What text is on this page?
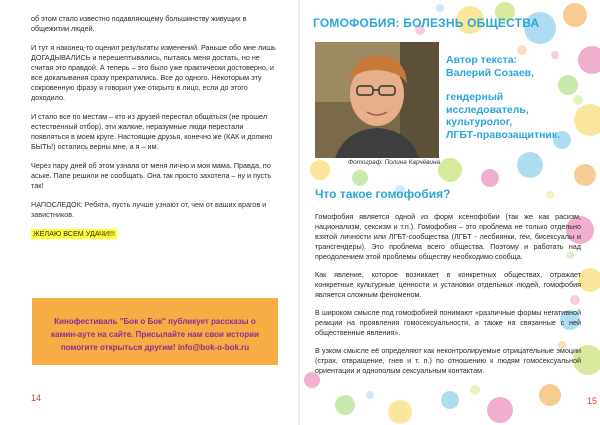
об этом стало известно подавляющему большинству живущих в общежитии людей.

И тут я наконец-то оценил результаты изменений. Раньше обо мне лишь ДОГАДЫВАЛИСЬ и перешептывались, пытаясь меня достать, но не считая это правдой. А теперь – это было уже практически достоверно, и все докапывания сразу прекратились. Все до одного. Некоторым эту сокровенную фразу я говорил уже открыто в лицо, если до этого доходило.

И стало все по местам – кто из друзей перестал общаться (не прошел естественный отбор), эти жалкие, неразумные люди перестали появляться в моем круге. Настоящие друзья, конечно же (КАК и должно БЫТЬ!) остались верны мне, а я – им.

Через пару дней об этом узнала от меня лично и моя мама. Правда, по аське. Папе решили не сообщать. Она так просто захотела – ну и пусть так!

НАПОСЛЕДОК: Ребята, пусть лучше узнают от, чем от ваших врагов и завистников.

ЖЕЛАЮ ВСЕМ УДАЧИ!!!

Кинофестиваль "Бок о Бок" публикует рассказы о камин-ауте на сайте. Присылайте нам свои истории помогите открыться другим! info@bok-o-bok.ru
14
ГОМОФОБИЯ: БОЛЕЗНЬ ОБЩЕСТВА
Фотограф: Полина Карчёвина

Автор текста:
Валерий Созаев,

гендерный
исследователь,
культуролог,
ЛГБТ-правозащитник.

Что такое гомофобия?

Гомофобия является одной из форм ксенофобии (так же как расизм, национализм, сексизм и т.п.). Гомофобия – это проблема не только отдельно взятой личности или ЛГБТ-сообщества (ЛГБТ - лесбиянки, геи, бисексуалы и трансгендеры). Это проблема всего общества. Поэтому и работать над преодолением этой проблемы обществу необходимо сообща.

Как явление, которое возникает в конкретных обществах, отражает конкретные культурные ценности и установки отдельных людей, гомофобия является сложным феноменом.

В широком смысле под гомофобией понимают «различные формы негативной реакции на проявления гомосексуальности, а также на связанные с ней общественные явления».

В узком смысле её определяют как неконтролируемые отрицательные эмоции (страх, отвращение, гнев и т. п.) по отношению к людям гомосексуальной ориентации и однополым сексуальным контактам.

15
